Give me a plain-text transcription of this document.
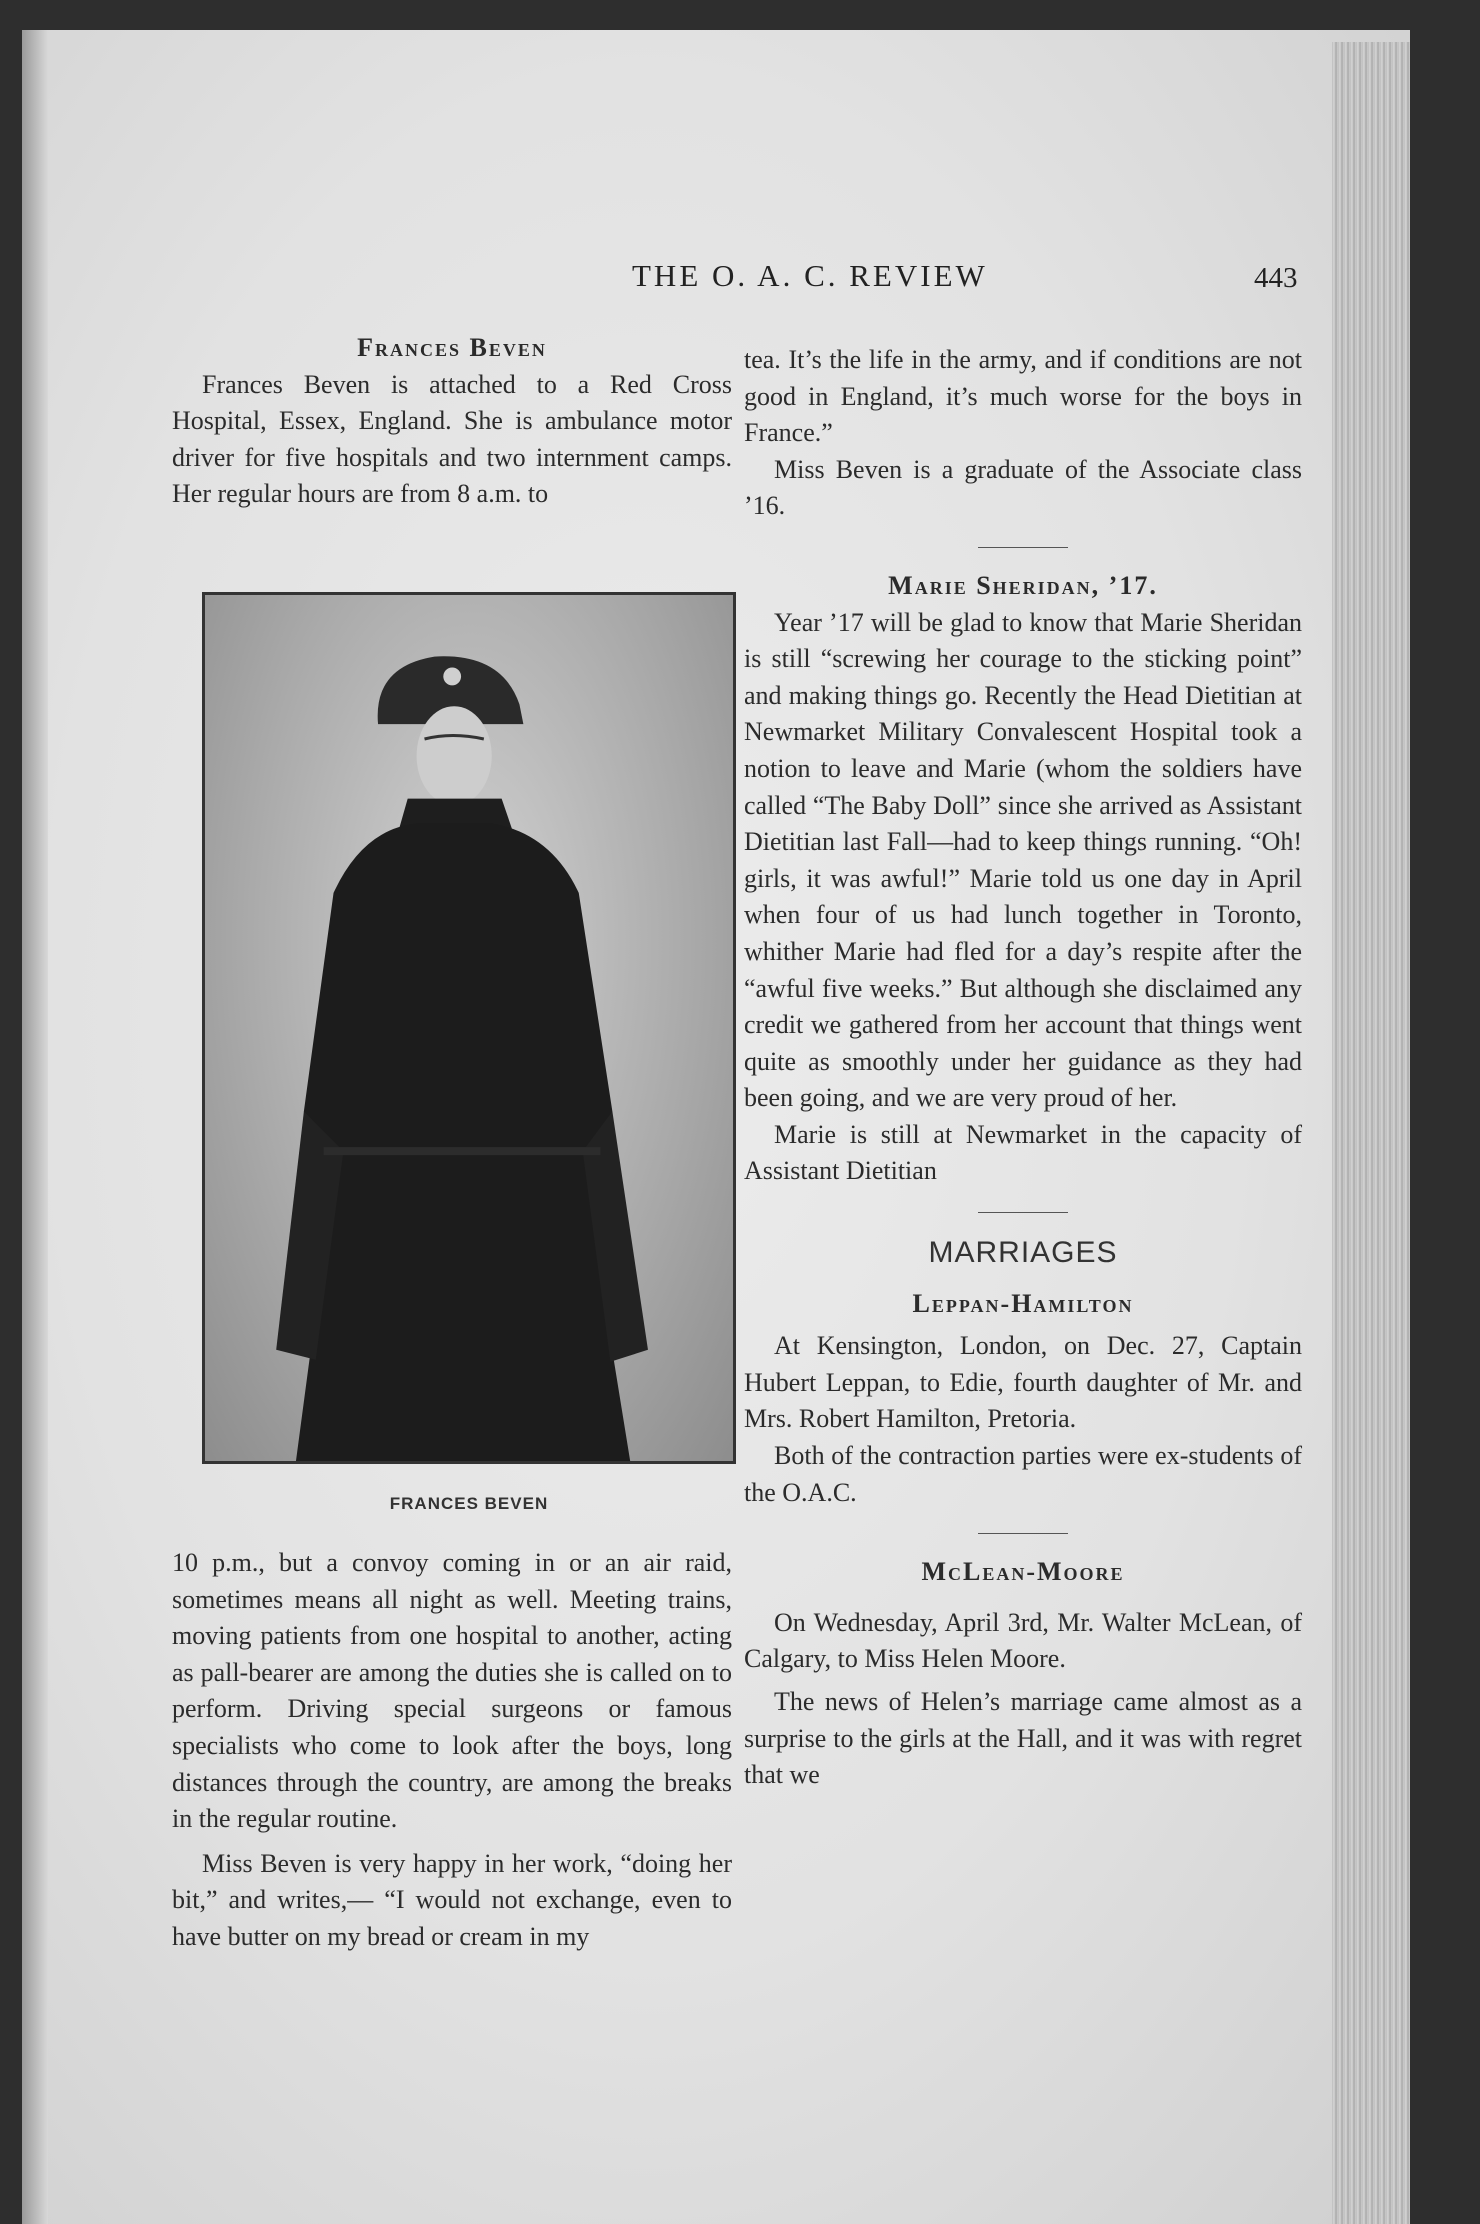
THE O. A. C. REVIEW	443
Frances Beven

Frances Beven is attached to a Red Cross Hospital, Essex, England. She is ambulance motor driver for five hospitals and two internment camps. Her regular hours are from 8 a.m. to

FRANCES BEVEN

10 p.m., but a convoy coming in or an air raid, sometimes means all night as well. Meeting trains, moving patients from one hospital to another, acting as pall-bearer are among the duties she is called on to perform. Driving special surgeons or famous specialists who come to look after the boys, long distances through the country, are among the breaks in the regular routine.

Miss Beven is very happy in her work, “doing her bit,” and writes,— “I would not exchange, even to have butter on my bread or cream in my

tea. It’s the life in the army, and if conditions are not good in England, it’s much worse for the boys in France.”

Miss Beven is a graduate of the Associate class ’16.

Marie Sheridan, ’17.

Year ’17 will be glad to know that Marie Sheridan is still “screwing her courage to the sticking point” and making things go. Recently the Head Dietitian at Newmarket Military Convalescent Hospital took a notion to leave and Marie (whom the soldiers have called “The Baby Doll” since she arrived as Assistant Dietitian last Fall—had to keep things running. “Oh! girls, it was awful!” Marie told us one day in April when four of us had lunch together in Toronto, whither Marie had fled for a day’s respite after the “awful five weeks.” But although she disclaimed any credit we gathered from her account that things went quite as smoothly under her guidance as they had been going, and we are very proud of her.

Marie is still at Newmarket in the capacity of Assistant Dietitian

MARRIAGES
Leppan-Hamilton

At Kensington, London, on Dec. 27, Captain Hubert Leppan, to Edie, fourth daughter of Mr. and Mrs. Robert Hamilton, Pretoria.

Both of the contraction parties were ex-students of the O.A.C.

McLean-Moore

On Wednesday, April 3rd, Mr. Walter McLean, of Calgary, to Miss Helen Moore.

The news of Helen’s marriage came almost as a surprise to the girls at the Hall, and it was with regret that we
